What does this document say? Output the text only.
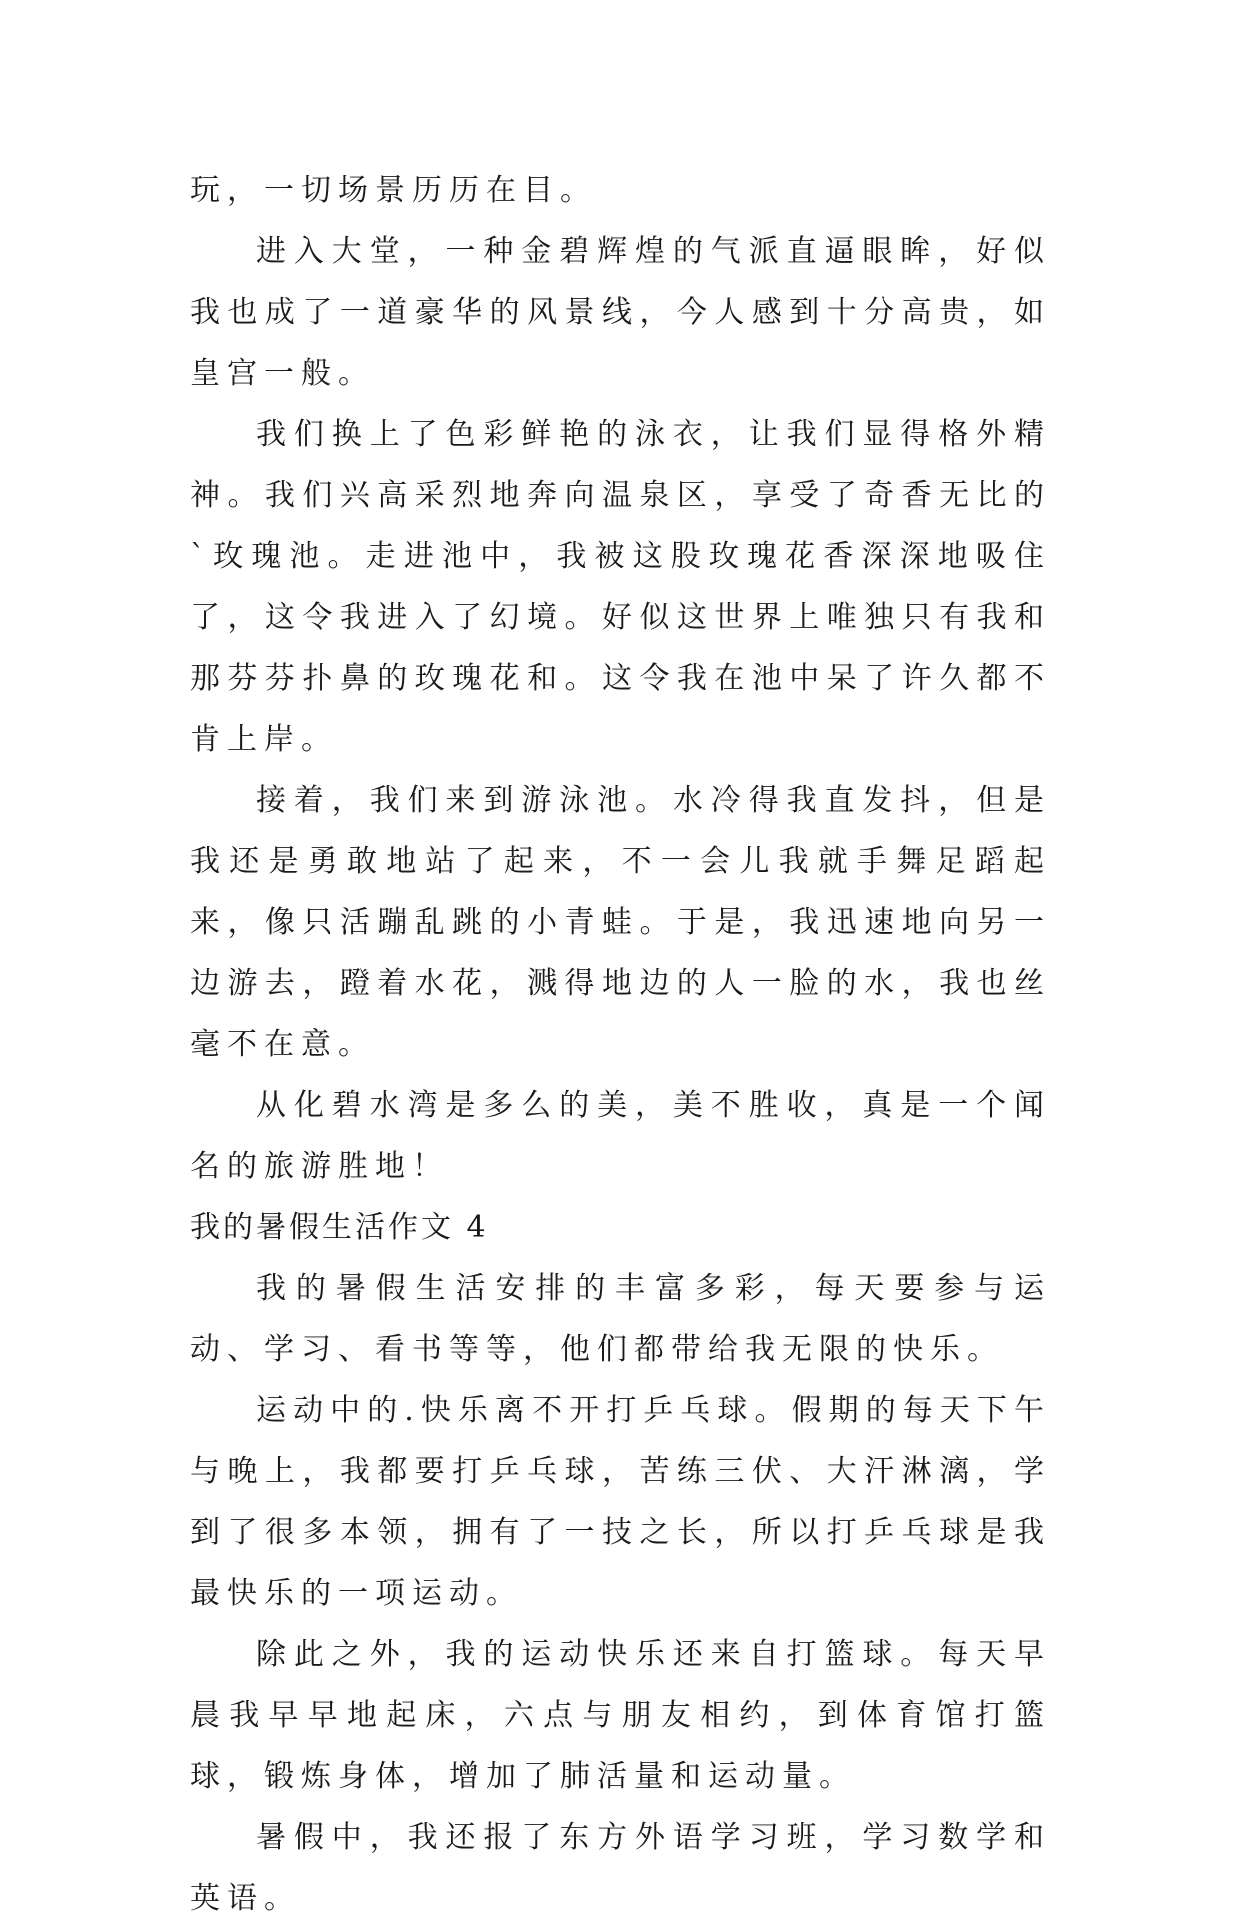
玩，一切场景历历在目。

进入大堂，一种金碧辉煌的气派直逼眼眸，好似我也成了一道豪华的风景线，今人感到十分高贵，如皇宫一般。

我们换上了色彩鲜艳的泳衣，让我们显得格外精神。我们兴高采烈地奔向温泉区，享受了奇香无比的`玫瑰池。走进池中，我被这股玫瑰花香深深地吸住了，这令我进入了幻境。好似这世界上唯独只有我和那芬芬扑鼻的玫瑰花和。这令我在池中呆了许久都不肯上岸。

接着，我们来到游泳池。水冷得我直发抖，但是我还是勇敢地站了起来，不一会儿我就手舞足蹈起来，像只活蹦乱跳的小青蛙。于是，我迅速地向另一边游去，蹬着水花，溅得地边的人一脸的水，我也丝毫不在意。

从化碧水湾是多么的美，美不胜收，真是一个闻名的旅游胜地！

我的暑假生活作文 4

我的暑假生活安排的丰富多彩，每天要参与运动、学习、看书等等，他们都带给我无限的快乐。

运动中的.快乐离不开打乒乓球。假期的每天下午与晚上，我都要打乒乓球，苦练三伏、大汗淋漓，学到了很多本领，拥有了一技之长，所以打乒乓球是我最快乐的一项运动。

除此之外，我的运动快乐还来自打篮球。每天早晨我早早地起床，六点与朋友相约，到体育馆打篮球，锻炼身体，增加了肺活量和运动量。

暑假中，我还报了东方外语学习班，学习数学和英语。
